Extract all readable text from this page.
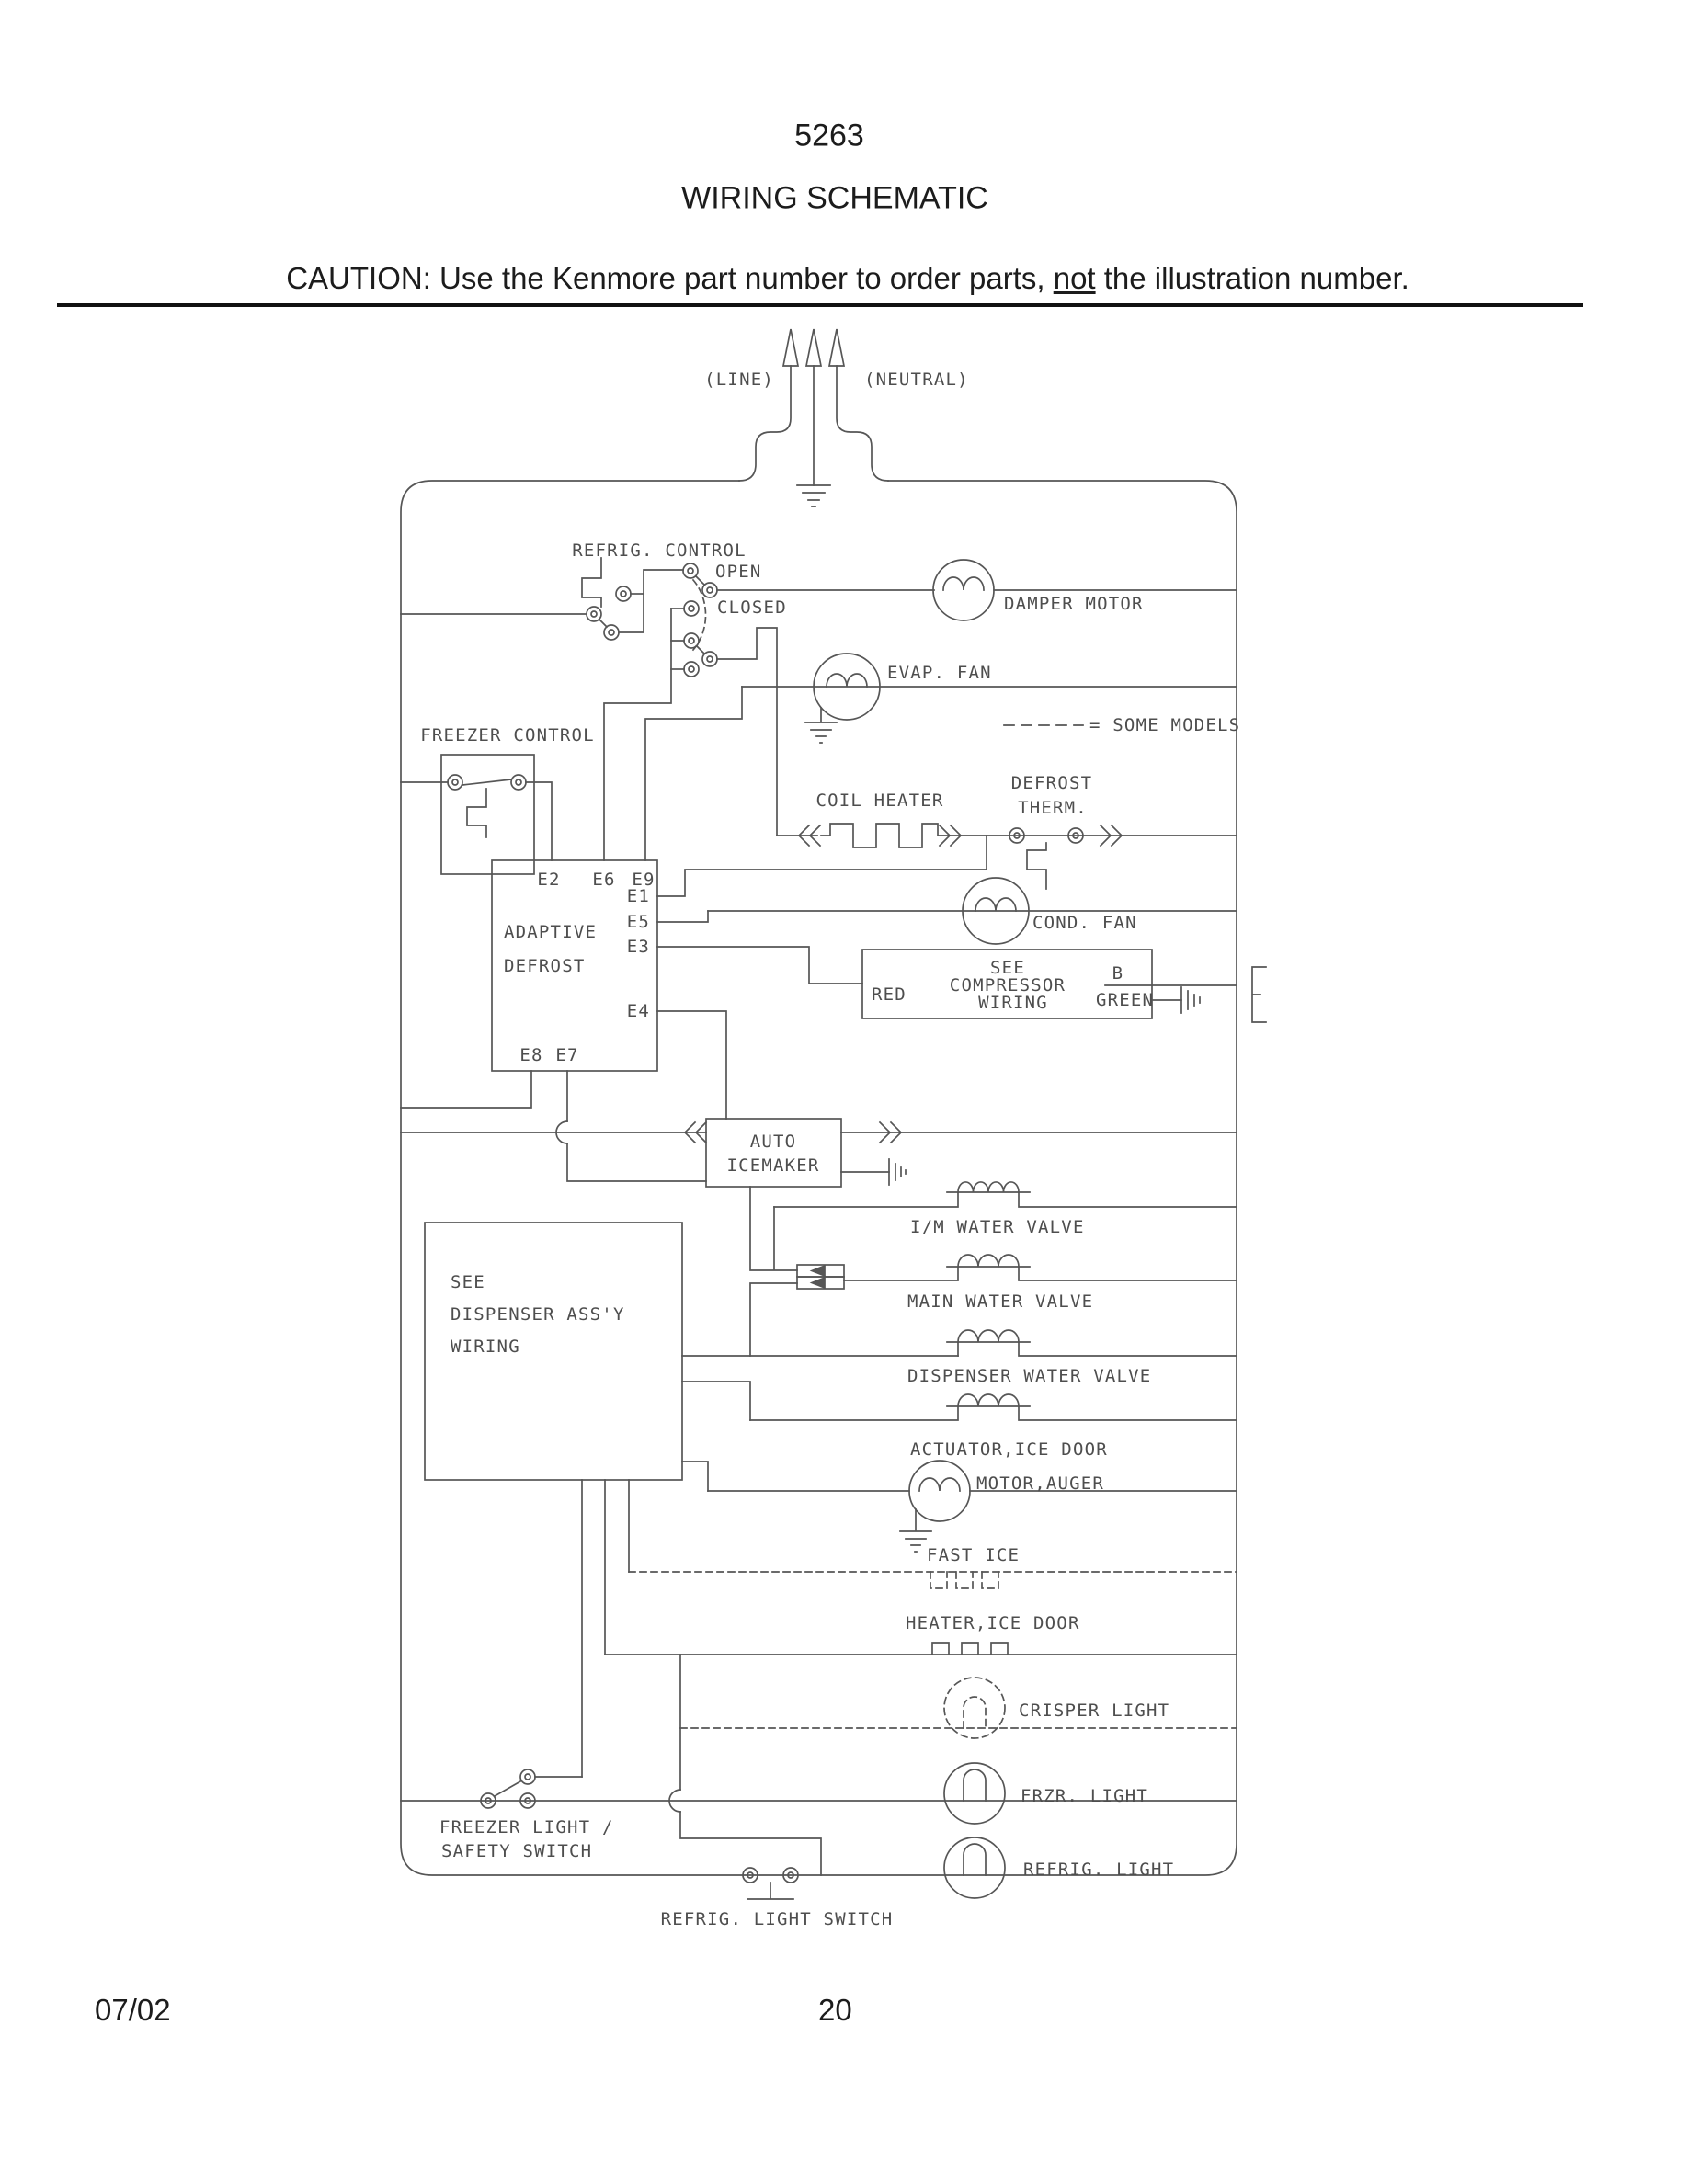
5263
WIRING SCHEMATIC
CAUTION: Use the Kenmore part number to order parts, not the illustration number.
07/02	20
(LINE)	(NEUTRAL)
REFRIG. CONTROL
OPEN
CLOSED	DAMPER MOTOR
EVAP. FAN
= SOME MODELS
FREEZER CONTROL
COIL HEATER
DEFROST
THERM.
ADAPTIVE
DEFROST
E2 E6 E9
E1
E5
E3
E4
E8 E7
COND. FAN
SEE
COMPRESSOR
WIRING
RED
B
GREEN
AUTO
ICEMAKER
I/M WATER VALVE
MAIN WATER VALVE
DISPENSER WATER VALVE
ACTUATOR,ICE DOOR
MOTOR,AUGER
FAST ICE
HEATER,ICE DOOR
CRISPER LIGHT
FRZR. LIGHT
REFRIG. LIGHT
SEE
DISPENSER ASS'Y
WIRING
FREEZER LIGHT /
SAFETY SWITCH
REFRIG. LIGHT SWITCH
